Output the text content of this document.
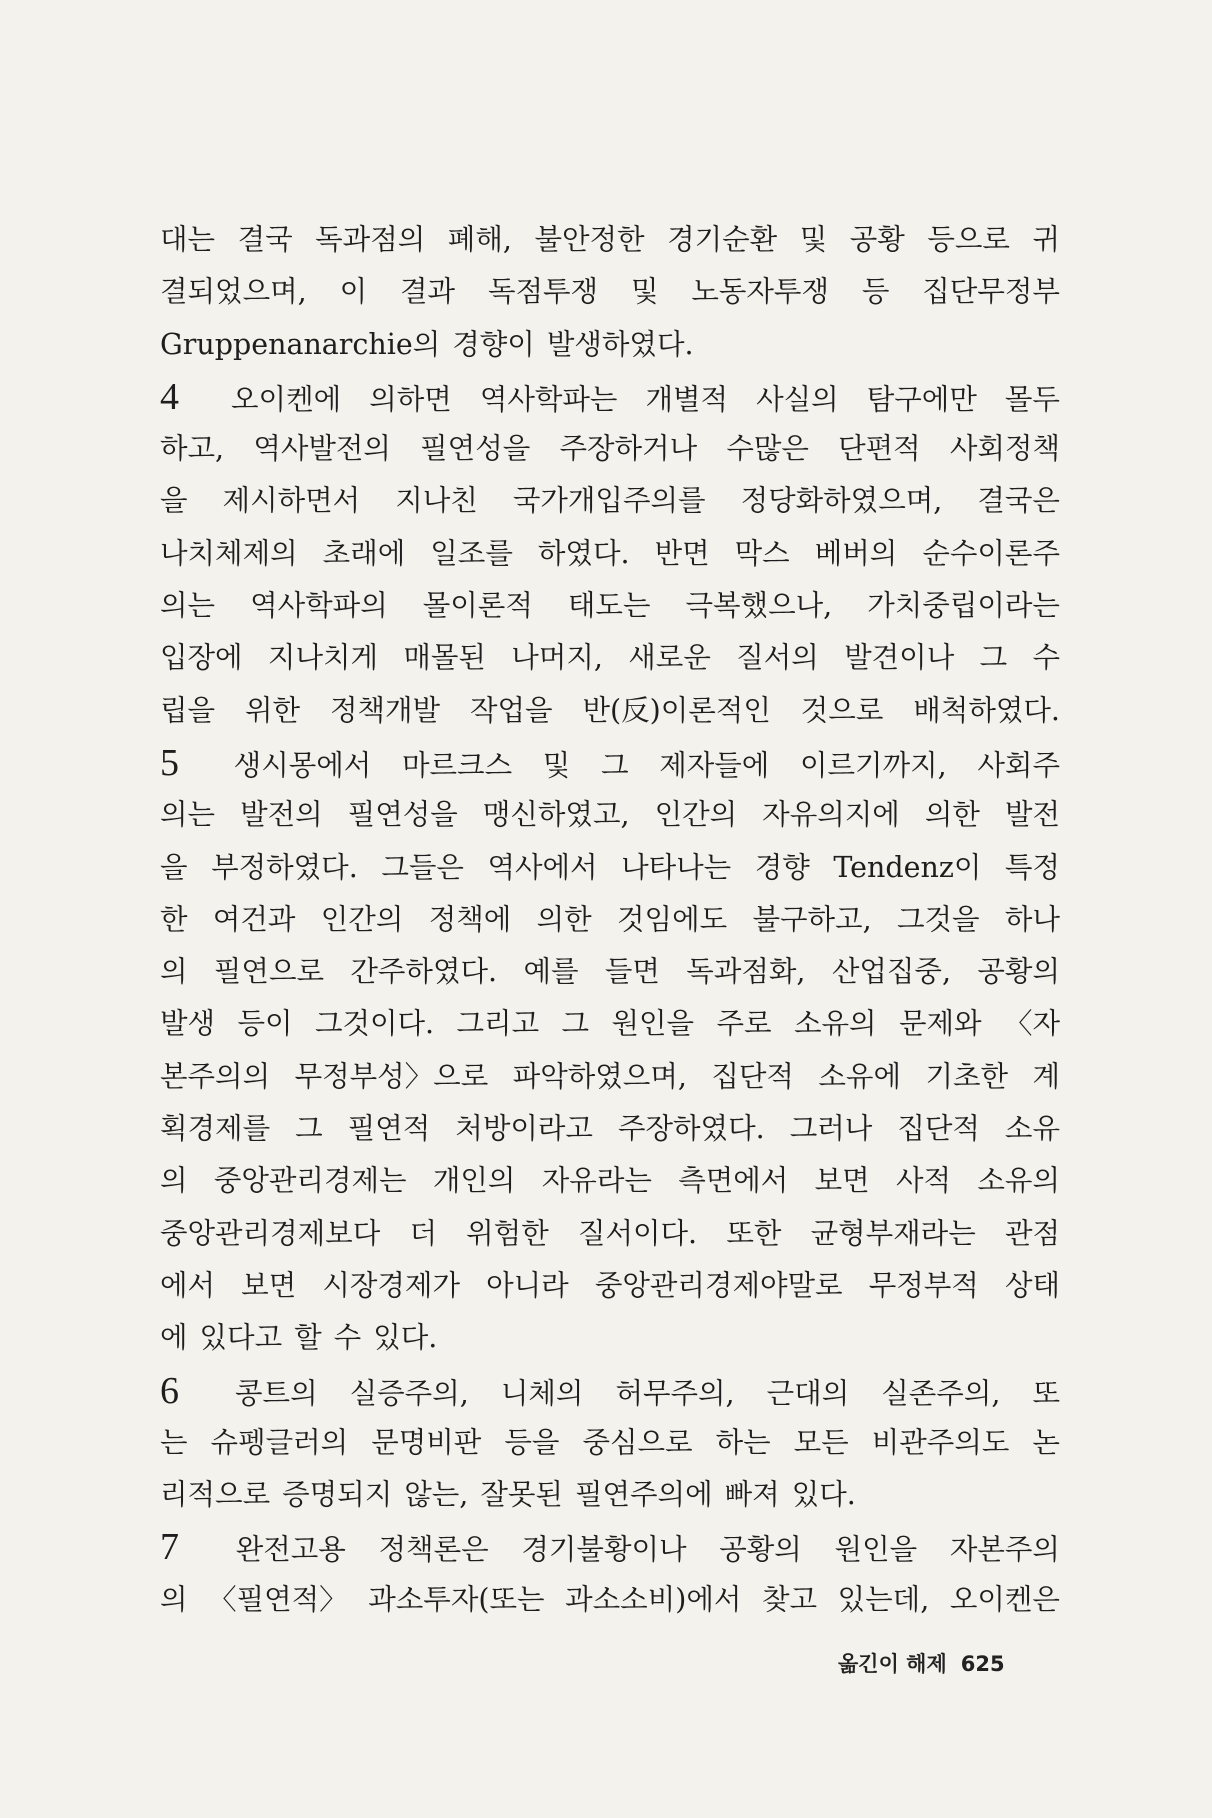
대는 결국 독과점의 폐해, 불안정한 경기순환 및 공황 등으로 귀
결되었으며, 이 결과 독점투쟁 및 노동자투쟁 등 집단무정부
Gruppenanarchie의 경향이 발생하였다.
4 오이켄에 의하면 역사학파는 개별적 사실의 탐구에만 몰두
하고, 역사발전의 필연성을 주장하거나 수많은 단편적 사회정책
을 제시하면서 지나친 국가개입주의를 정당화하였으며, 결국은
나치체제의 초래에 일조를 하였다. 반면 막스 베버의 순수이론주
의는 역사학파의 몰이론적 태도는 극복했으나, 가치중립이라는
입장에 지나치게 매몰된 나머지, 새로운 질서의 발견이나 그 수
립을 위한 정책개발 작업을 반(反)이론적인 것으로 배척하였다.
5 생시몽에서 마르크스 및 그 제자들에 이르기까지, 사회주
의는 발전의 필연성을 맹신하였고, 인간의 자유의지에 의한 발전
을 부정하였다. 그들은 역사에서 나타나는 경향 Tendenz이 특정
한 여건과 인간의 정책에 의한 것임에도 불구하고, 그것을 하나
의 필연으로 간주하였다. 예를 들면 독과점화, 산업집중, 공황의
발생 등이 그것이다. 그리고 그 원인을 주로 소유의 문제와 〈자
본주의의 무정부성〉으로 파악하였으며, 집단적 소유에 기초한 계
획경제를 그 필연적 처방이라고 주장하였다. 그러나 집단적 소유
의 중앙관리경제는 개인의 자유라는 측면에서 보면 사적 소유의
중앙관리경제보다 더 위험한 질서이다. 또한 균형부재라는 관점
에서 보면 시장경제가 아니라 중앙관리경제야말로 무정부적 상태
에 있다고 할 수 있다.
6 콩트의 실증주의, 니체의 허무주의, 근대의 실존주의, 또
는 슈펭글러의 문명비판 등을 중심으로 하는 모든 비관주의도 논
리적으로 증명되지 않는, 잘못된 필연주의에 빠져 있다.
7 완전고용 정책론은 경기불황이나 공황의 원인을 자본주의
의 〈필연적〉 과소투자(또는 과소소비)에서 찾고 있는데, 오이켄은
옮긴이 해제 625
